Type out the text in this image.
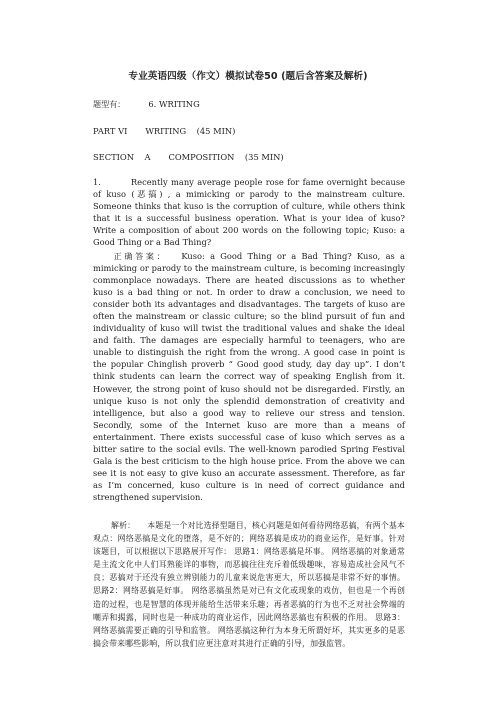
专业英语四级（作文）模拟试卷50 (题后含答案及解析)
题型有：	6. WRITING
PART VI WRITING    (45 MIN)
SECTION    A COMPOSITION    (35 MIN)
1.	Recently many average people rose for fame overnight because of kuso (恶搞) , a mimicking or parody to the mainstream culture. Someone thinks that kuso is the corruption of culture, while others think that it is a successful business operation. What is your idea of kuso? Write a composition of about 200 words on the following topic; Kuso: a Good Thing or a Bad Thing?
正确答案： Kuso: a Good Thing or a Bad Thing? Kuso, as a mimicking or parody to the mainstream culture, is becoming increasingly commonplace nowadays. There are heated discussions as to whether kuso is a bad thing or not. In order to draw a conclusion, we need to consider both its advantages and disadvantages. The targets of kuso are often the mainstream or classic culture; so the blind pursuit of fun and individuality of kuso will twist the traditional values and shake the ideal and faith. The damages are especially harmful to teenagers, who are unable to distinguish the right from the wrong. A good case in point is the popular Chinglish proverb “ Good good study, day day up”. I don’t think students can learn the correct way of speaking English from it. However, the strong point of kuso should not be disregarded. Firstly, an unique kuso is not only the splendid demonstration of creativity and intelligence, but also a good way to relieve our stress and tension. Secondly, some of the Internet kuso are more than a means of entertainment. There exists successful case of kuso which serves as a bitter satire to the social evils. The well-known parodied Spring Festival Gala is the best criticism to the high house price. From the above we can see it is not easy to give kuso an accurate assessment. Therefore, as far as I’m concerned, kuso culture is in need of correct guidance and strengthened supervision.
解析： 本题是一个对比选择型题目，核心问题是如何看待网络恶搞，有两个基本观点：网络恶搞是文化的堕落，是不好的；网络恶搞是成功的商业运作，是好事。针对该题目，可以根据以下思路展开写作： 思路1：网络恶搞是坏事。 网络恶搞的对象通常是主流文化中人们耳熟能详的事物，而恶搞往往充斥着低级趣味，容易造成社会风气不良；恶搞对于还没有独立辨别能力的儿童来说危害更大，所以恶搞是非常不好的事情。 思路2：网络恶搞是好事。 网络恶搞虽然是对已有文化或现象的戏仿，但也是一个再创造的过程，也是智慧的体现并能给生活带来乐趣；再者恶搞的行为也不乏对社会弊端的嘲弄和揭露，同时也是一种成功的商业运作，因此网络恶搞也有积极的作用。 思路3：网络恶搞需要正确的引导和监管。 网络恶搞这种行为本身无所谓好坏，其实更多的是恶搞会带来哪些影响，所以我们应更注意对其进行正确的引导，加强监管。
